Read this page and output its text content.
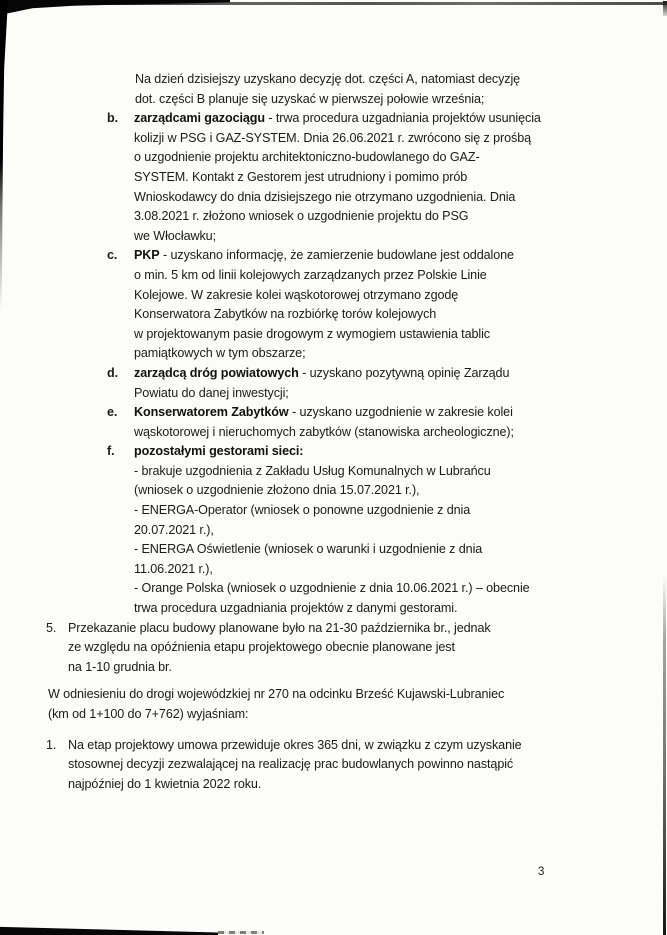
Na dzień dzisiejszy uzyskano decyzję dot. części A, natomiast decyzję
dot. części B planuje się uzyskać w pierwszej połowie września;
b.	zarządcami gazociągu - trwa procedura uzgadniania projektów usunięcia
kolizji w PSG i GAZ-SYSTEM. Dnia 26.06.2021 r. zwrócono się z prośbą
o uzgodnienie projektu architektoniczno-budowlanego do GAZ-
SYSTEM. Kontakt z Gestorem jest utrudniony i pomimo prób
Wnioskodawcy do dnia dzisiejszego nie otrzymano uzgodnienia. Dnia
3.08.2021 r. złożono wniosek o uzgodnienie projektu do PSG
we Włocławku;
c.	PKP - uzyskano informację, że zamierzenie budowlane jest oddalone
o min. 5 km od linii kolejowych zarządzanych przez Polskie Linie
Kolejowe. W zakresie kolei wąskotorowej otrzymano zgodę
Konserwatora Zabytków na rozbiórkę torów kolejowych
w projektowanym pasie drogowym z wymogiem ustawienia tablic
pamiątkowych w tym obszarze;
d.	zarządcą dróg powiatowych - uzyskano pozytywną opinię Zarządu
Powiatu do danej inwestycji;
e.	Konserwatorem Zabytków - uzyskano uzgodnienie w zakresie kolei
wąskotorowej i nieruchomych zabytków (stanowiska archeologiczne);
f.	pozostałymi gestorami sieci:
- brakuje uzgodnienia z Zakładu Usług Komunalnych w Lubrańcu
(wniosek o uzgodnienie złożono dnia 15.07.2021 r.),
- ENERGA-Operator (wniosek o ponowne uzgodnienie z dnia
20.07.2021 r.),
- ENERGA Oświetlenie (wniosek o warunki i uzgodnienie z dnia
11.06.2021 r.),
- Orange Polska (wniosek o uzgodnienie z dnia 10.06.2021 r.) – obecnie
trwa procedura uzgadniania projektów z danymi gestorami.
5. Przekazanie placu budowy planowane było na 21-30 października br., jednak
ze względu na opóźnienia etapu projektowego obecnie planowane jest
na 1-10 grudnia br.
W odniesieniu do drogi wojewódzkiej nr 270 na odcinku Brześć Kujawski-Lubraniec
(km od 1+100 do 7+762) wyjaśniam:
1. Na etap projektowy umowa przewiduje okres 365 dni, w związku z czym uzyskanie
stosownej decyzji zezwalającej na realizację prac budowlanych powinno nastąpić
najpóźniej do 1 kwietnia 2022 roku.
3
